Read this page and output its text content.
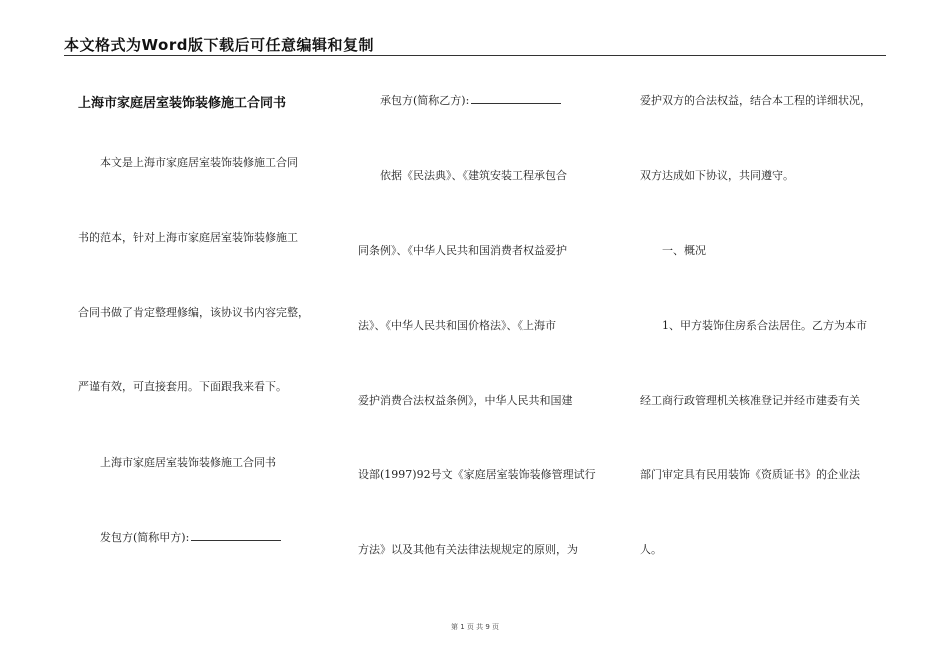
本文格式为Word版下载后可任意编辑和复制
上海市家庭居室装饰装修施工合同书
本文是上海市家庭居室装饰装修施工合同
书的范本，针对上海市家庭居室装饰装修施工
合同书做了肯定整理修编，该协议书内容完整，
严谨有效，可直接套用。下面跟我来看下。
上海市家庭居室装饰装修施工合同书
发包方(简称甲方):
承包方(简称乙方):
依据《民法典》、《建筑安装工程承包合
同条例》、《中华人民共和国消费者权益爱护
法》、《中华人民共和国价格法》、《上海市
爱护消费合法权益条例》，中华人民共和国建
设部(1997)92号文《家庭居室装饰装修管理试行
方法》以及其他有关法律法规规定的原则，为
爱护双方的合法权益，结合本工程的详细状况，
双方达成如下协议，共同遵守。
一、概况
1、甲方装饰住房系合法居住。乙方为本市
经工商行政管理机关核准登记并经市建委有关
部门审定具有民用装饰《资质证书》的企业法
人。
第 1 页 共 9 页
